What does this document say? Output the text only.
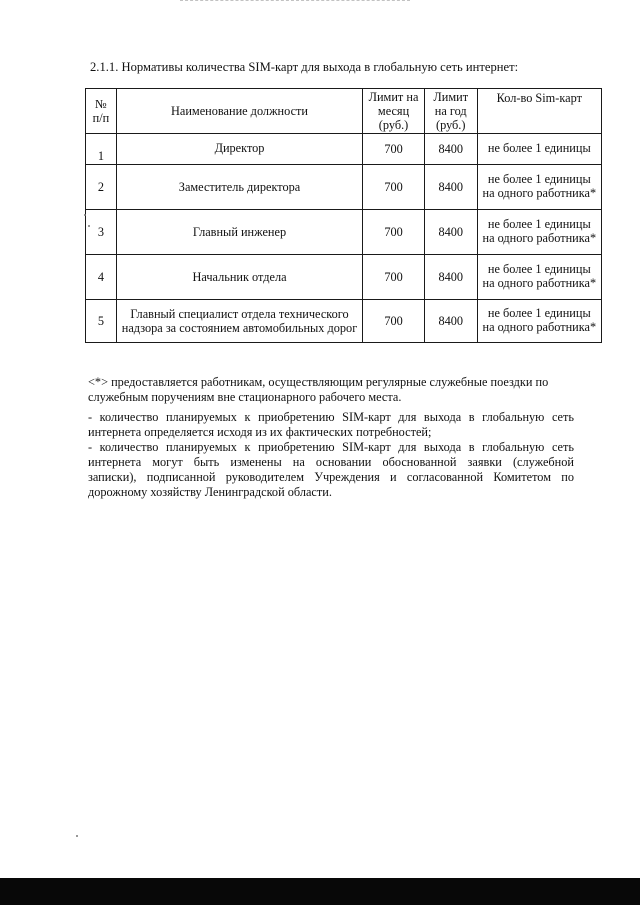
2.1.1. Нормативы количества SIM-карт для выхода в глобальную сеть интернет:
№ п/п	Наименование должности	Лимит на месяц (руб.)	Лимит на год (руб.)	Кол-во Sim-карт
1	Директор	700	8400	не более 1 единицы
2	Заместитель директора	700	8400	не более 1 единицы на одного работника*
3	Главный инженер	700	8400	не более 1 единицы на одного работника*
4	Начальник отдела	700	8400	не более 1 единицы на одного работника*
5	Главный специалист отдела технического надзора за состоянием автомобильных дорог	700	8400	не более 1 единицы на одного работника*
<*> предоставляется работникам, осуществляющим регулярные служебные поездки по
служебным поручениям вне стационарного рабочего места.
- количество планируемых к приобретению SIM-карт для выхода в глобальную сеть
интернета определяется исходя из их фактических потребностей;
- количество планируемых к приобретению SIM-карт для выхода в глобальную сеть
интернета могут быть изменены на основании обоснованной заявки (служебной
записки), подписанной руководителем Учреждения и согласованной Комитетом по
дорожному хозяйству Ленинградской области.
